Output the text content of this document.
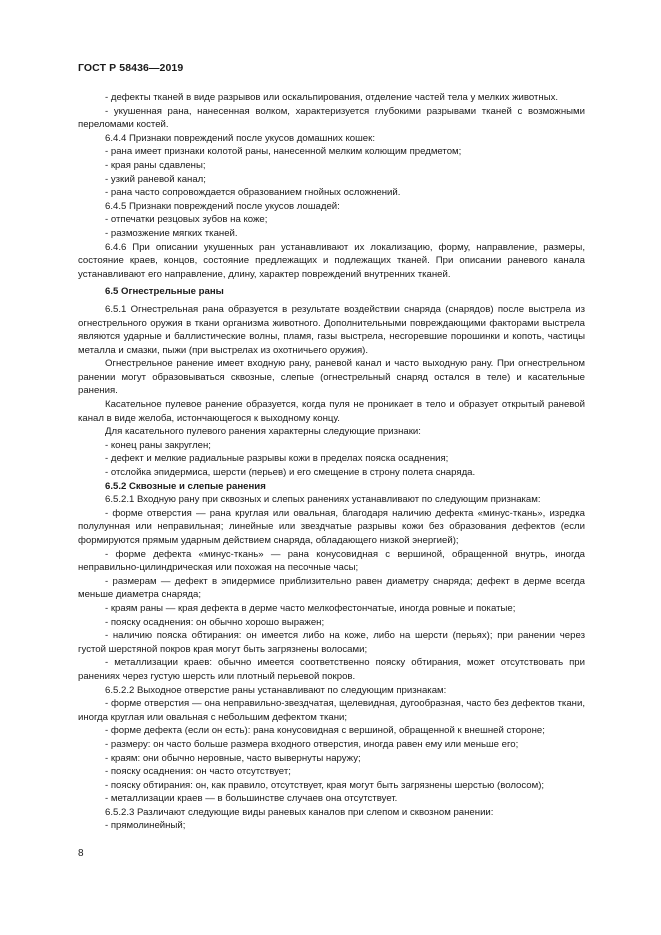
ГОСТ Р 58436—2019

- дефекты тканей в виде разрывов или оскальпирования, отделение частей тела у мелких животных.

- укушенная рана, нанесенная волком, характеризуется глубокими разрывами тканей с возможными переломами костей.

6.4.4 Признаки повреждений после укусов домашних кошек:

- рана имеет признаки колотой раны, нанесенной мелким колющим предметом;

- края раны сдавлены;

- узкий раневой канал;

- рана часто сопровождается образованием гнойных осложнений.

6.4.5 Признаки повреждений после укусов лошадей:

- отпечатки резцовых зубов на коже;

- размозжение мягких тканей.

6.4.6 При описании укушенных ран устанавливают их локализацию, форму, направление, размеры, состояние краев, концов, состояние предлежащих и подлежащих тканей. При описании раневого канала устанавливают его направление, длину, характер повреждений внутренних тканей.

6.5 Огнестрельные раны

6.5.1 Огнестрельная рана образуется в результате воздействии снаряда (снарядов) после выстрела из огнестрельного оружия в ткани организма животного. Дополнительными повреждающими факторами выстрела являются ударные и баллистические волны, пламя, газы выстрела, несгоревшие порошинки и копоть, частицы металла и смазки, пыжи (при выстрелах из охотничьего оружия).

Огнестрельное ранение имеет входную рану, раневой канал и часто выходную рану. При огнестрельном ранении могут образовываться сквозные, слепые (огнестрельный снаряд остался в теле) и касательные ранения.

Касательное пулевое ранение образуется, когда пуля не проникает в тело и образует открытый раневой канал в виде желоба, истончающегося к выходному концу.

Для касательного пулевого ранения характерны следующие признаки:

- конец раны закруглен;

- дефект и мелкие радиальные разрывы кожи в пределах пояска осаднения;

- отслойка эпидермиса, шерсти (перьев) и его смещение в строну полета снаряда.

6.5.2 Сквозные и слепые ранения

6.5.2.1 Входную рану при сквозных и слепых ранениях устанавливают по следующим признакам:

- форме отверстия — рана круглая или овальная, благодаря наличию дефекта «минус-ткань», изредка полулунная или неправильная; линейные или звездчатые разрывы кожи без образования дефектов (если формируются прямым ударным действием снаряда, обладающего низкой энергией);

- форме дефекта «минус-ткань» — рана конусовидная с вершиной, обращенной внутрь, иногда неправильно-цилиндрическая или похожая на песочные часы;

- размерам — дефект в эпидермисе приблизительно равен диаметру снаряда; дефект в дерме всегда меньше диаметра снаряда;

- краям раны — края дефекта в дерме часто мелкофестончатые, иногда ровные и покатые;

- пояску осаднения: он обычно хорошо выражен;

- наличию пояска обтирания: он имеется либо на коже, либо на шерсти (перьях); при ранении через густой шерстяной покров края могут быть загрязнены волосами;

- металлизации краев: обычно имеется соответственно пояску обтирания, может отсутствовать при ранениях через густую шерсть или плотный перьевой покров.

6.5.2.2 Выходное отверстие раны устанавливают по следующим признакам:

- форме отверстия — она неправильно-звездчатая, щелевидная, дугообразная, часто без дефектов ткани, иногда круглая или овальная с небольшим дефектом ткани;

- форме дефекта (если он есть): рана конусовидная с вершиной, обращенной к внешней стороне;

- размеру: он часто больше размера входного отверстия, иногда равен ему или меньше его;

- краям: они обычно неровные, часто вывернуты наружу;

- пояску осаднения: он часто отсутствует;

- пояску обтирания: он, как правило, отсутствует, края могут быть загрязнены шерстью (волосом);

- металлизации краев — в большинстве случаев она отсутствует.

6.5.2.3 Различают следующие виды раневых каналов при слепом и сквозном ранении:

- прямолинейный;

8
